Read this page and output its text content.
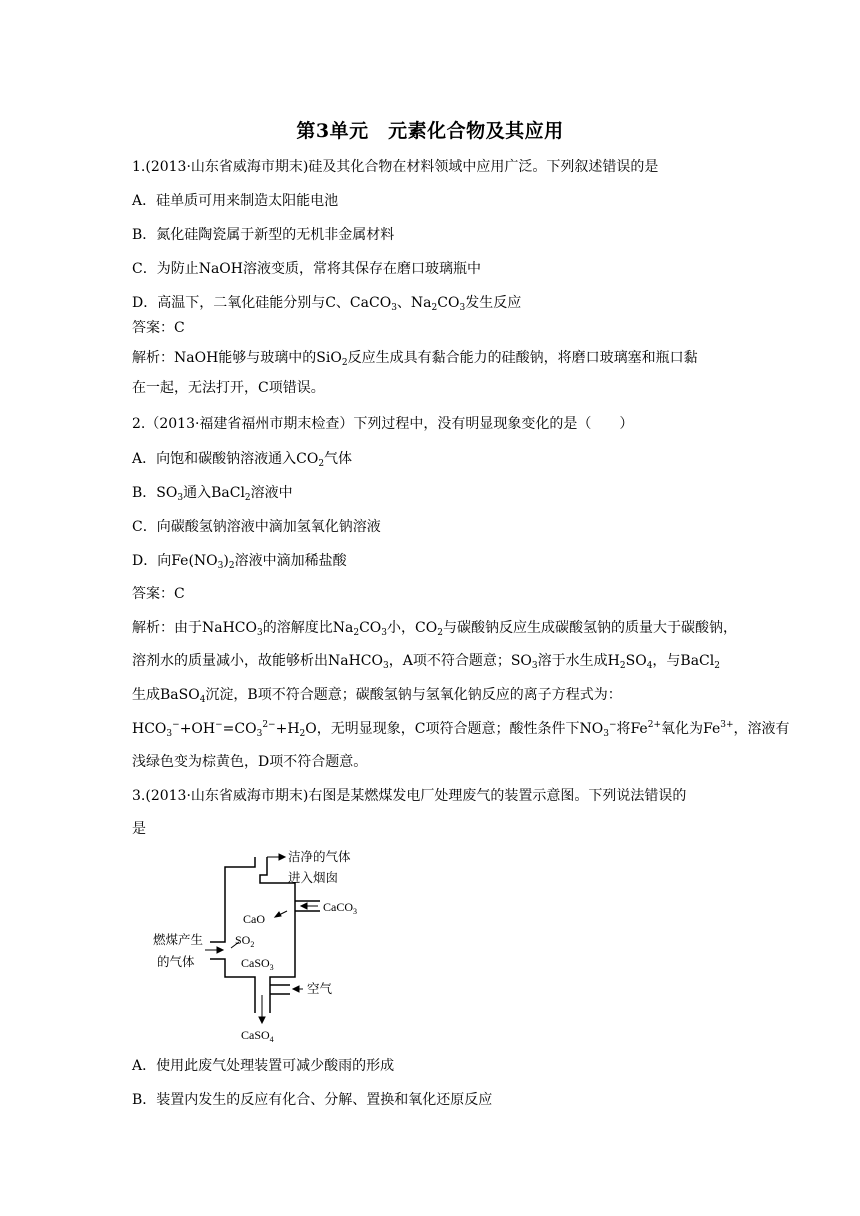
第3单元　元素化合物及其应用
1.(2013·山东省威海市期末)硅及其化合物在材料领域中应用广泛。下列叙述错误的是
A．硅单质可用来制造太阳能电池
B．氮化硅陶瓷属于新型的无机非金属材料
C．为防止NaOH溶液变质，常将其保存在磨口玻璃瓶中
D．高温下，二氧化硅能分别与C、CaCO$_3$、$Na_2CO_3$发生反应
答案：C
解析：NaOH能够与玻璃中的SiO$_2$反应生成具有黏合能力的硅酸钠，将磨口玻璃塞和瓶口黏
在一起，无法打开，C项错误。
2.（2013·福建省福州市期末检查）下列过程中，没有明显现象变化的是（　　）
A．向饱和碳酸钠溶液通入$CO_2$气体
B．$SO_3$通入BaCl$_2$溶液中
C．向碳酸氢钠溶液中滴加氢氧化钠溶液
D．向$Fe(NO_3)_2$溶液中滴加稀盐酸
答案：C
解析：由于NaHCO$_3$的溶解度比$Na_2CO_3$小，$CO_2$与碳酸钠反应生成碳酸氢钠的质量大于碳酸钠，
溶剂水的质量减小，故能够析出NaHCO$_3$，A项不符合题意；$SO_3$溶于水生成$H_2SO_4$，与BaCl$_2$
生成BaSO$_4$沉淀，B项不符合题意；碳酸氢钠与氢氧化钠反应的离子方程式为：
$HCO_3^-+OH^-=CO_3^{2-}+H_2O$，无明显现象，C项符合题意；酸性条件下$NO_3^-$将$Fe^{2+}$氧化为$Fe^{3+}$，溶液有
浅绿色变为棕黄色，D项不符合题意。
3.(2013·山东省威海市期末)右图是某燃煤发电厂处理废气的装置示意图。下列说法错误的
是
洁净的气体
进入烟囱
CaCO$_3$
CaO
燃煤产生
的气体
$SO_2$
CaSO$_3$
空气
CaSO$_4$
A．使用此废气处理装置可减少酸雨的形成
B．装置内发生的反应有化合、分解、置换和氧化还原反应
